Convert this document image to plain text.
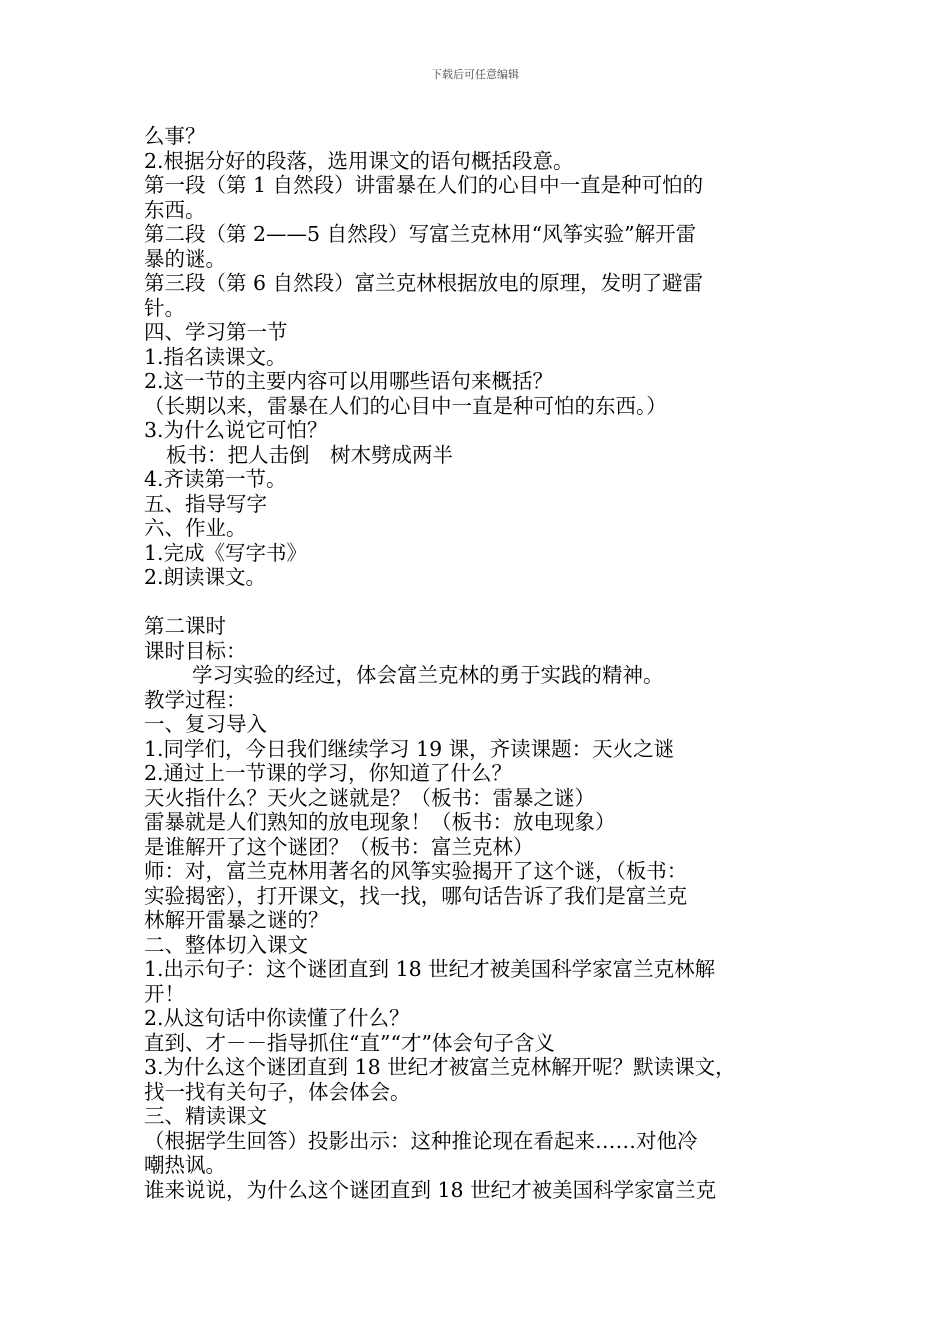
下载后可任意编辑
么事？
2.根据分好的段落，选用课文的语句概括段意。
第一段（第 1 自然段）讲雷暴在人们的心目中一直是种可怕的
东西。
第二段（第 2——5 自然段）写富兰克林用“风筝实验”解开雷
暴的谜。
第三段（第 6 自然段）富兰克林根据放电的原理，发明了避雷
针。
四、学习第一节
1.指名读课文。
2.这一节的主要内容可以用哪些语句来概括？
（长期以来，雷暴在人们的心目中一直是种可怕的东西。）
3.为什么说它可怕？
板书：把人击倒　树木劈成两半
4.齐读第一节。
五、指导写字
六、作业。
1.完成《写字书》
2.朗读课文。
第二课时
课时目标：
学习实验的经过，体会富兰克林的勇于实践的精神。
教学过程：
一、复习导入
1.同学们，今日我们继续学习 19 课，齐读课题：天火之谜
2.通过上一节课的学习，你知道了什么？
天火指什么？天火之谜就是？（板书：雷暴之谜）
雷暴就是人们熟知的放电现象！（板书：放电现象）
是谁解开了这个谜团？（板书：富兰克林）
师：对，富兰克林用著名的风筝实验揭开了这个谜，（板书：
实验揭密），打开课文，找一找，哪句话告诉了我们是富兰克
林解开雷暴之谜的？
二、整体切入课文
1.出示句子：这个谜团直到 18 世纪才被美国科学家富兰克林解
开！
2.从这句话中你读懂了什么？
直到、才－－指导抓住“直”“才”体会句子含义
3.为什么这个谜团直到 18 世纪才被富兰克林解开呢？默读课文，
找一找有关句子，体会体会。
三、精读课文
（根据学生回答）投影出示：这种推论现在看起来……对他冷
嘲热讽。
谁来说说，为什么这个谜团直到 18 世纪才被美国科学家富兰克
